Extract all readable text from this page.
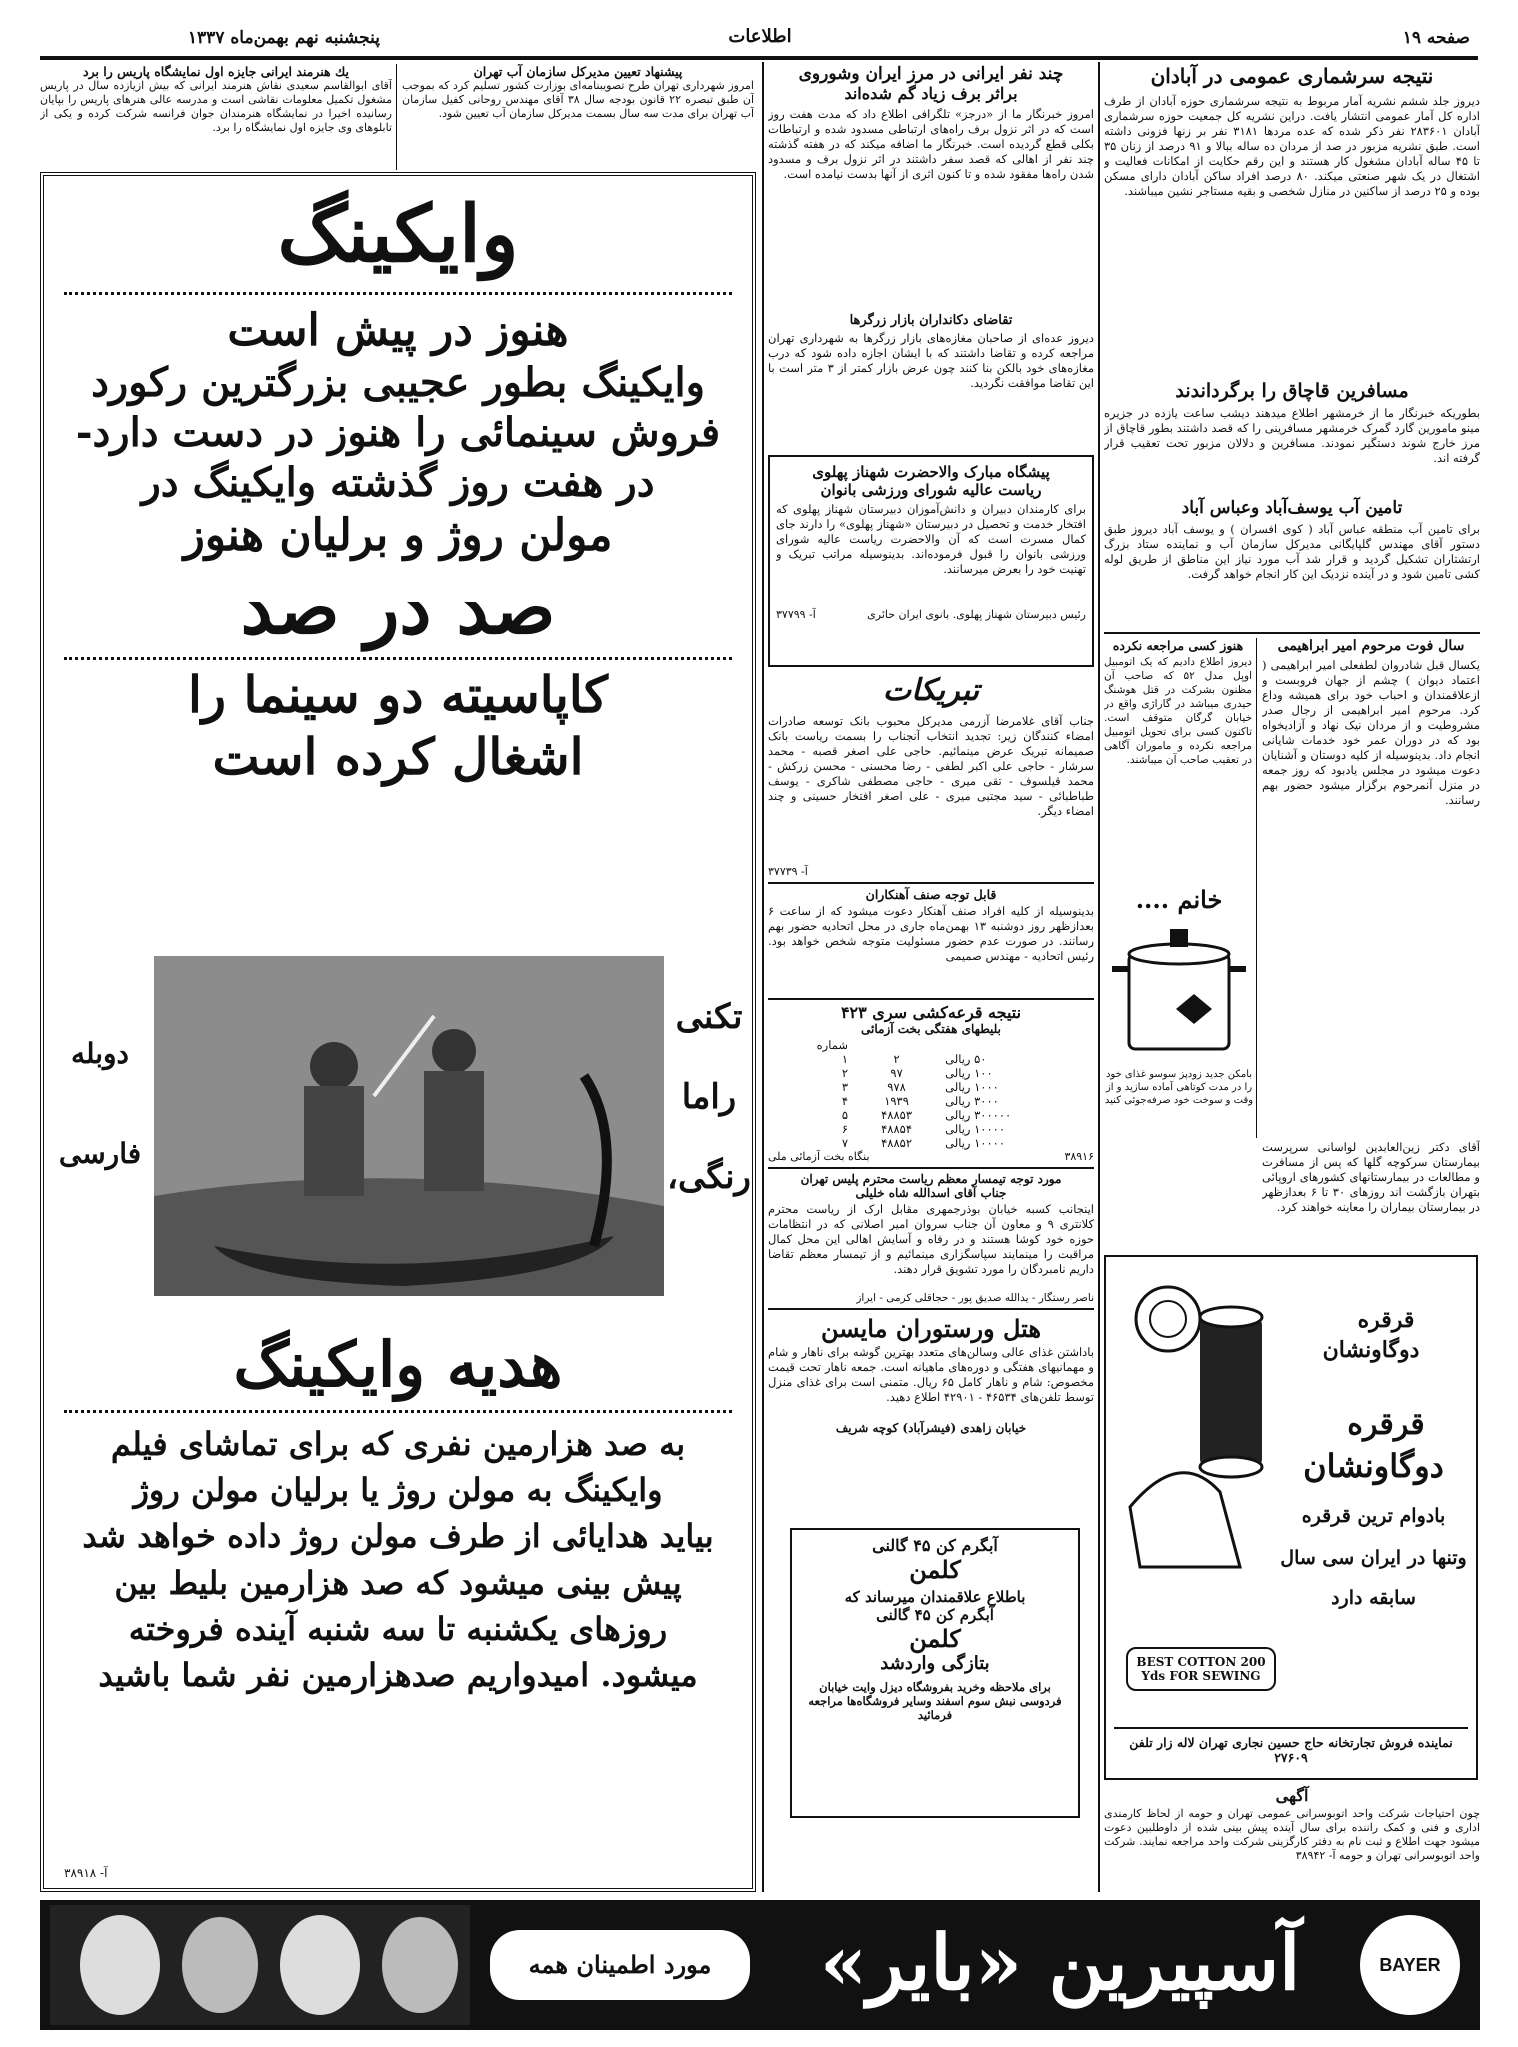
صفحه ۱۹
اطلاعات
پنجشنبه نهم بهمن‌ماه ۱۳۳۷
نتیجه سرشماری عمومی در آبادان
دیروز جلد ششم نشریه آمار مربوط به نتیجه سرشماری حوزه آبادان از طرف اداره کل آمار عمومی انتشار یافت. دراین نشریه کل جمعیت حوزه سرشماری آبادان ۲۸۳۶۰۱ نفر ذکر شده که عده مردها ۳۱۸۱ نفر بر زنها فزونی داشته است. طبق نشریه مزبور در صد از مردان ده ساله ببالا و ۹۱ درصد از زنان ۳۵ تا ۴۵ ساله آبادان مشغول کار هستند و این رقم حکایت از امکانات فعالیت و اشتغال در یک شهر صنعتی میکند. ۸۰ درصد افراد ساکن آبادان دارای مسکن بوده و ۲۵ درصد از ساکنین در منازل شخصی و بقیه مستاجر نشین میباشند.
مسافرین قاچاق را برگرداندند
بطوریکه خبرنگار ما از خرمشهر اطلاع میدهند دیشب ساعت یازده در جزیره مینو مامورین گارد گمرک خرمشهر مسافرینی را که قصد داشتند بطور قاچاق از مرز خارج شوند دستگیر نمودند. مسافرین و دلالان مزبور تحت تعقیب قرار گرفته اند.
تامین آب یوسف‌آباد وعباس آباد
برای تامین آب منطقه عباس آباد ( کوی افسران ) و یوسف آباد دیروز طبق دستور آقای مهندس گلپایگانی مدیرکل سازمان آب و نماینده ستاد بزرگ ارتشتاران تشکیل گردید و قرار شد آب مورد نیاز این مناطق از طریق لوله کشی تامین شود و در آینده نزدیک این کار انجام خواهد گرفت.
سال فوت مرحوم امیر ابراهیمی
یکسال قبل شادروان لطفعلی امیر ابراهیمی ( اعتماد دیوان ) چشم از جهان فروبست و ازعلاقمندان و احباب خود برای همیشه وداع کرد. مرحوم امیر ابراهیمی از رجال صدر مشروطیت و از مردان نیک نهاد و آزادیخواه بود که در دوران عمر خود خدمات شایانی انجام داد. بدینوسیله از کلیه دوستان و آشنایان دعوت میشود در مجلس یادبود که روز جمعه در منزل آنمرحوم برگزار میشود حضور بهم رسانند.
هنوز کسی مراجعه نکرده
دیروز اطلاع دادیم که یک اتومبیل اوپل مدل ۵۲ که صاحب آن مظنون بشرکت در قتل هوشنگ حیدری میباشد در گاراژی واقع در خیابان گرگان متوقف است. تاکنون کسی برای تحویل اتومبیل مراجعه نکرده و ماموران آگاهی در تعقیب صاحب آن میباشند.
خانم ....
بامکن جدید زودپز سوسو غذای خود را در مدت کوتاهی آماده سازید و از وقت و سوخت خود صرفه‌جوئی کنید
آقای دکتر زین‌العابدین لواسانی سرپرست بیمارستان سرکوچه گلها که پس از مسافرت و مطالعات در بیمارستانهای کشورهای اروپائی بتهران بازگشت اند روزهای ۳۰ تا ۶ بعدازظهر در بیمارستان بیماران را معاینه خواهند کرد.
قرقره
دوگاونشان
قرقره
دوگاونشان
بادوام ترین قرقره
وتنها در ایران سی سال
سابقه دارد
BEST COTTON 200 Yds FOR SEWING
نماینده فروش تجارتخانه حاج حسین نجاری تهران لاله زار تلفن ۲۷۶۰۹
آگهی
چون احتیاجات شرکت واحد اتوبوسرانی عمومی تهران و حومه از لحاظ کارمندی اداری و فنی و کمک راننده برای سال آینده پیش بینی شده از داوطلبین دعوت میشود جهت اطلاع و ثبت نام به دفتر کارگزینی شرکت واحد مراجعه نمایند. شرکت واحد اتوبوسرانی تهران و حومه آ- ۳۸۹۴۲
چند نفر ایرانی در مرز ایران وشوروی
براثر برف زیاد گم شده‌اند
امروز خبرنگار ما از «درجز» تلگرافی اطلاع داد که مدت هفت روز است که در اثر نزول برف راه‌های ارتباطی مسدود شده و ارتباطات بکلی قطع گردیده است. خبرنگار ما اضافه میکند که در هفته گذشته چند نفر از اهالی که قصد سفر داشتند در اثر نزول برف و مسدود شدن راه‌ها مفقود شده و تا کنون اثری از آنها بدست نیامده است.
تقاضای دکانداران بازار زرگرها
دیروز عده‌ای از صاحبان مغازه‌های بازار زرگرها به شهرداری تهران مراجعه کرده و تقاضا داشتند که با ایشان اجازه داده شود که درب مغازه‌های خود بالکن بنا کنند چون عرض بازار کمتر از ۳ متر است با این تقاضا موافقت نگردید.
پیشگاه مبارک والاحضرت شهناز پهلوی
ریاست عالیه شورای ورزشی بانوان
برای کارمندان دبیران و دانش‌آموزان دبیرستان شهناز پهلوی که افتخار خدمت و تحصیل در دبیرستان «شهناز پهلوی» را دارند جای کمال مسرت است که آن والاحضرت ریاست عالیه شورای ورزشی بانوان را قبول فرموده‌اند. بدینوسیله مراتب تبریک و تهنیت خود را بعرض میرسانند.
آ- ۳۷۷۹۹	رئیس دبیرستان شهناز پهلوی. بانوی ایران حائری
تبریکات
جناب آقای غلامرضا آزرمی مدیرکل محبوب بانک توسعه صادرات امضاء کنندگان زیر: تجدید انتخاب آنجناب را بسمت ریاست بانک صمیمانه تبریک عرض مینمائیم. حاجی علی اصغر قصبه - محمد سرشار - حاجی علی اکبر لطفی - رضا محسنی - محسن زرکش - محمد قیلسوف - تقی میری - حاجی مصطفی شاکری - یوسف طباطبائی - سید مجتبی میری - علی اصغر افتخار حسینی و چند امضاء دیگر.
آ- ۳۷۷۳۹
قابل توجه صنف آهنکاران
بدینوسیله از کلیه افراد صنف آهنکار دعوت میشود که از ساعت ۶ بعدازظهر روز دوشنبه ۱۳ بهمن‌ماه جاری در محل اتحادیه حضور بهم رسانند. در صورت عدم حضور مسئولیت متوجه شخص خواهد بود. رئیس اتحادیه - مهندس صمیمی
نتیجه قرعه‌کشی سری ۴۲۳
بلیطهای هفتگی بخت آزمائی
شماره		
۱	۲	۵۰ ریالی
۲	۹۷	۱۰۰ ریالی
۳	۹۷۸	۱۰۰۰ ریالی
۴	۱۹۳۹	۳۰۰۰ ریالی
۵	۴۸۸۵۳	۳۰۰۰۰۰ ریالی
۶	۴۸۸۵۴	۱۰۰۰۰ ریالی
۷	۴۸۸۵۲	۱۰۰۰۰ ریالی
بنگاه بخت آزمائی ملی	۳۸۹۱۶
مورد توجه تیمسار معظم ریاست محترم پلیس تهران
جناب آقای اسدالله شاه خلیلی
اینجانب کسبه خیابان بوذرجمهری مقابل ارک از ریاست محترم کلانتری ۹ و معاون آن جناب سروان امیر اصلانی که در انتظامات حوزه خود کوشا هستند و در رفاه و آسایش اهالی این محل کمال مراقبت را مینمایند سپاسگزاری مینمائیم و از تیمسار معظم تقاضا داریم نامبردگان را مورد تشویق قرار دهند.
ناصر رستگار - یدالله صدیق پور - حجاقلی کرمی - ایراز
هتل ورستوران مایسن
باداشتن غذای عالی وسالن‌های متعدد بهترین گوشه برای ناهار و شام و مهمانیهای هفتگی و دوره‌های ماهیانه است. جمعه ناهار تحت قیمت مخصوص: شام و ناهار کامل ۶۵ ریال. متمنی است برای غذای منزل توسط تلفن‌های ۴۶۵۳۴ - ۴۲۹۰۱ اطلاع دهید.
خیابان زاهدی (فیشرآباد) کوچه شریف
آبگرم کن ۴۵ گالنی
کلمن
باطلاع علاقمندان میرساند که
آبگرم کن ۴۵ گالنی
کلمن
بتازگی واردشد
برای ملاحظه وخرید بفروشگاه دیزل وایت خیابان فردوسی نبش سوم اسفند وسایر فروشگاه‌ها مراجعه فرمائید
پیشنهاد تعیین مدیرکل سازمان آب تهران
امروز شهرداری تهران طرح تصویبنامه‌ای بوزارت کشور تسلیم کرد که بموجب آن طبق تبصره ۲۲ قانون بودجه سال ۳۸ آقای مهندس روحانی کفیل سازمان آب تهران برای مدت سه سال بسمت مدیرکل سازمان آب تعیین شود.
یك هنرمند ایرانی جایزه اول نمایشگاه پاریس را برد
آقای ابوالقاسم سعیدی نقاش هنرمند ایرانی که بیش ازیازده سال در پاریس مشغول تکمیل معلومات نقاشی است و مدرسه عالی هنرهای پاریس را بپایان رسانیده اخیرا در نمایشگاه هنرمندان جوان فرانسه شرکت کرده و یکی از تابلوهای وی جایزه اول نمایشگاه را برد.
وایکینگ
هنوز در پیش است
وایکینگ بطور عجیبی بزرگترین رکورد
فروش سینمائی را هنوز در دست دارد-
در هفت روز گذشته وایکینگ در
مولن روژ و برلیان هنوز
صد در صد
کاپاسیته دو سینما را
اشغال کرده است
تکنی
راما
رنگی،
دوبله
فارسی
هدیه وایکینگ
به صد هزارمین نفری که برای تماشای فیلم
وایکینگ به مولن روژ یا برلیان مولن روژ
بیاید هدایائی از طرف مولن روژ داده خواهد شد
پیش بینی میشود که صد هزارمین بلیط بین
روزهای یکشنبه تا سه شنبه آینده فروخته
میشود. امیدواریم صدهزارمین نفر شما باشید
آ- ۳۸۹۱۸
مورد اطمینان همه	آسپیرین «بایر»	BAYER
